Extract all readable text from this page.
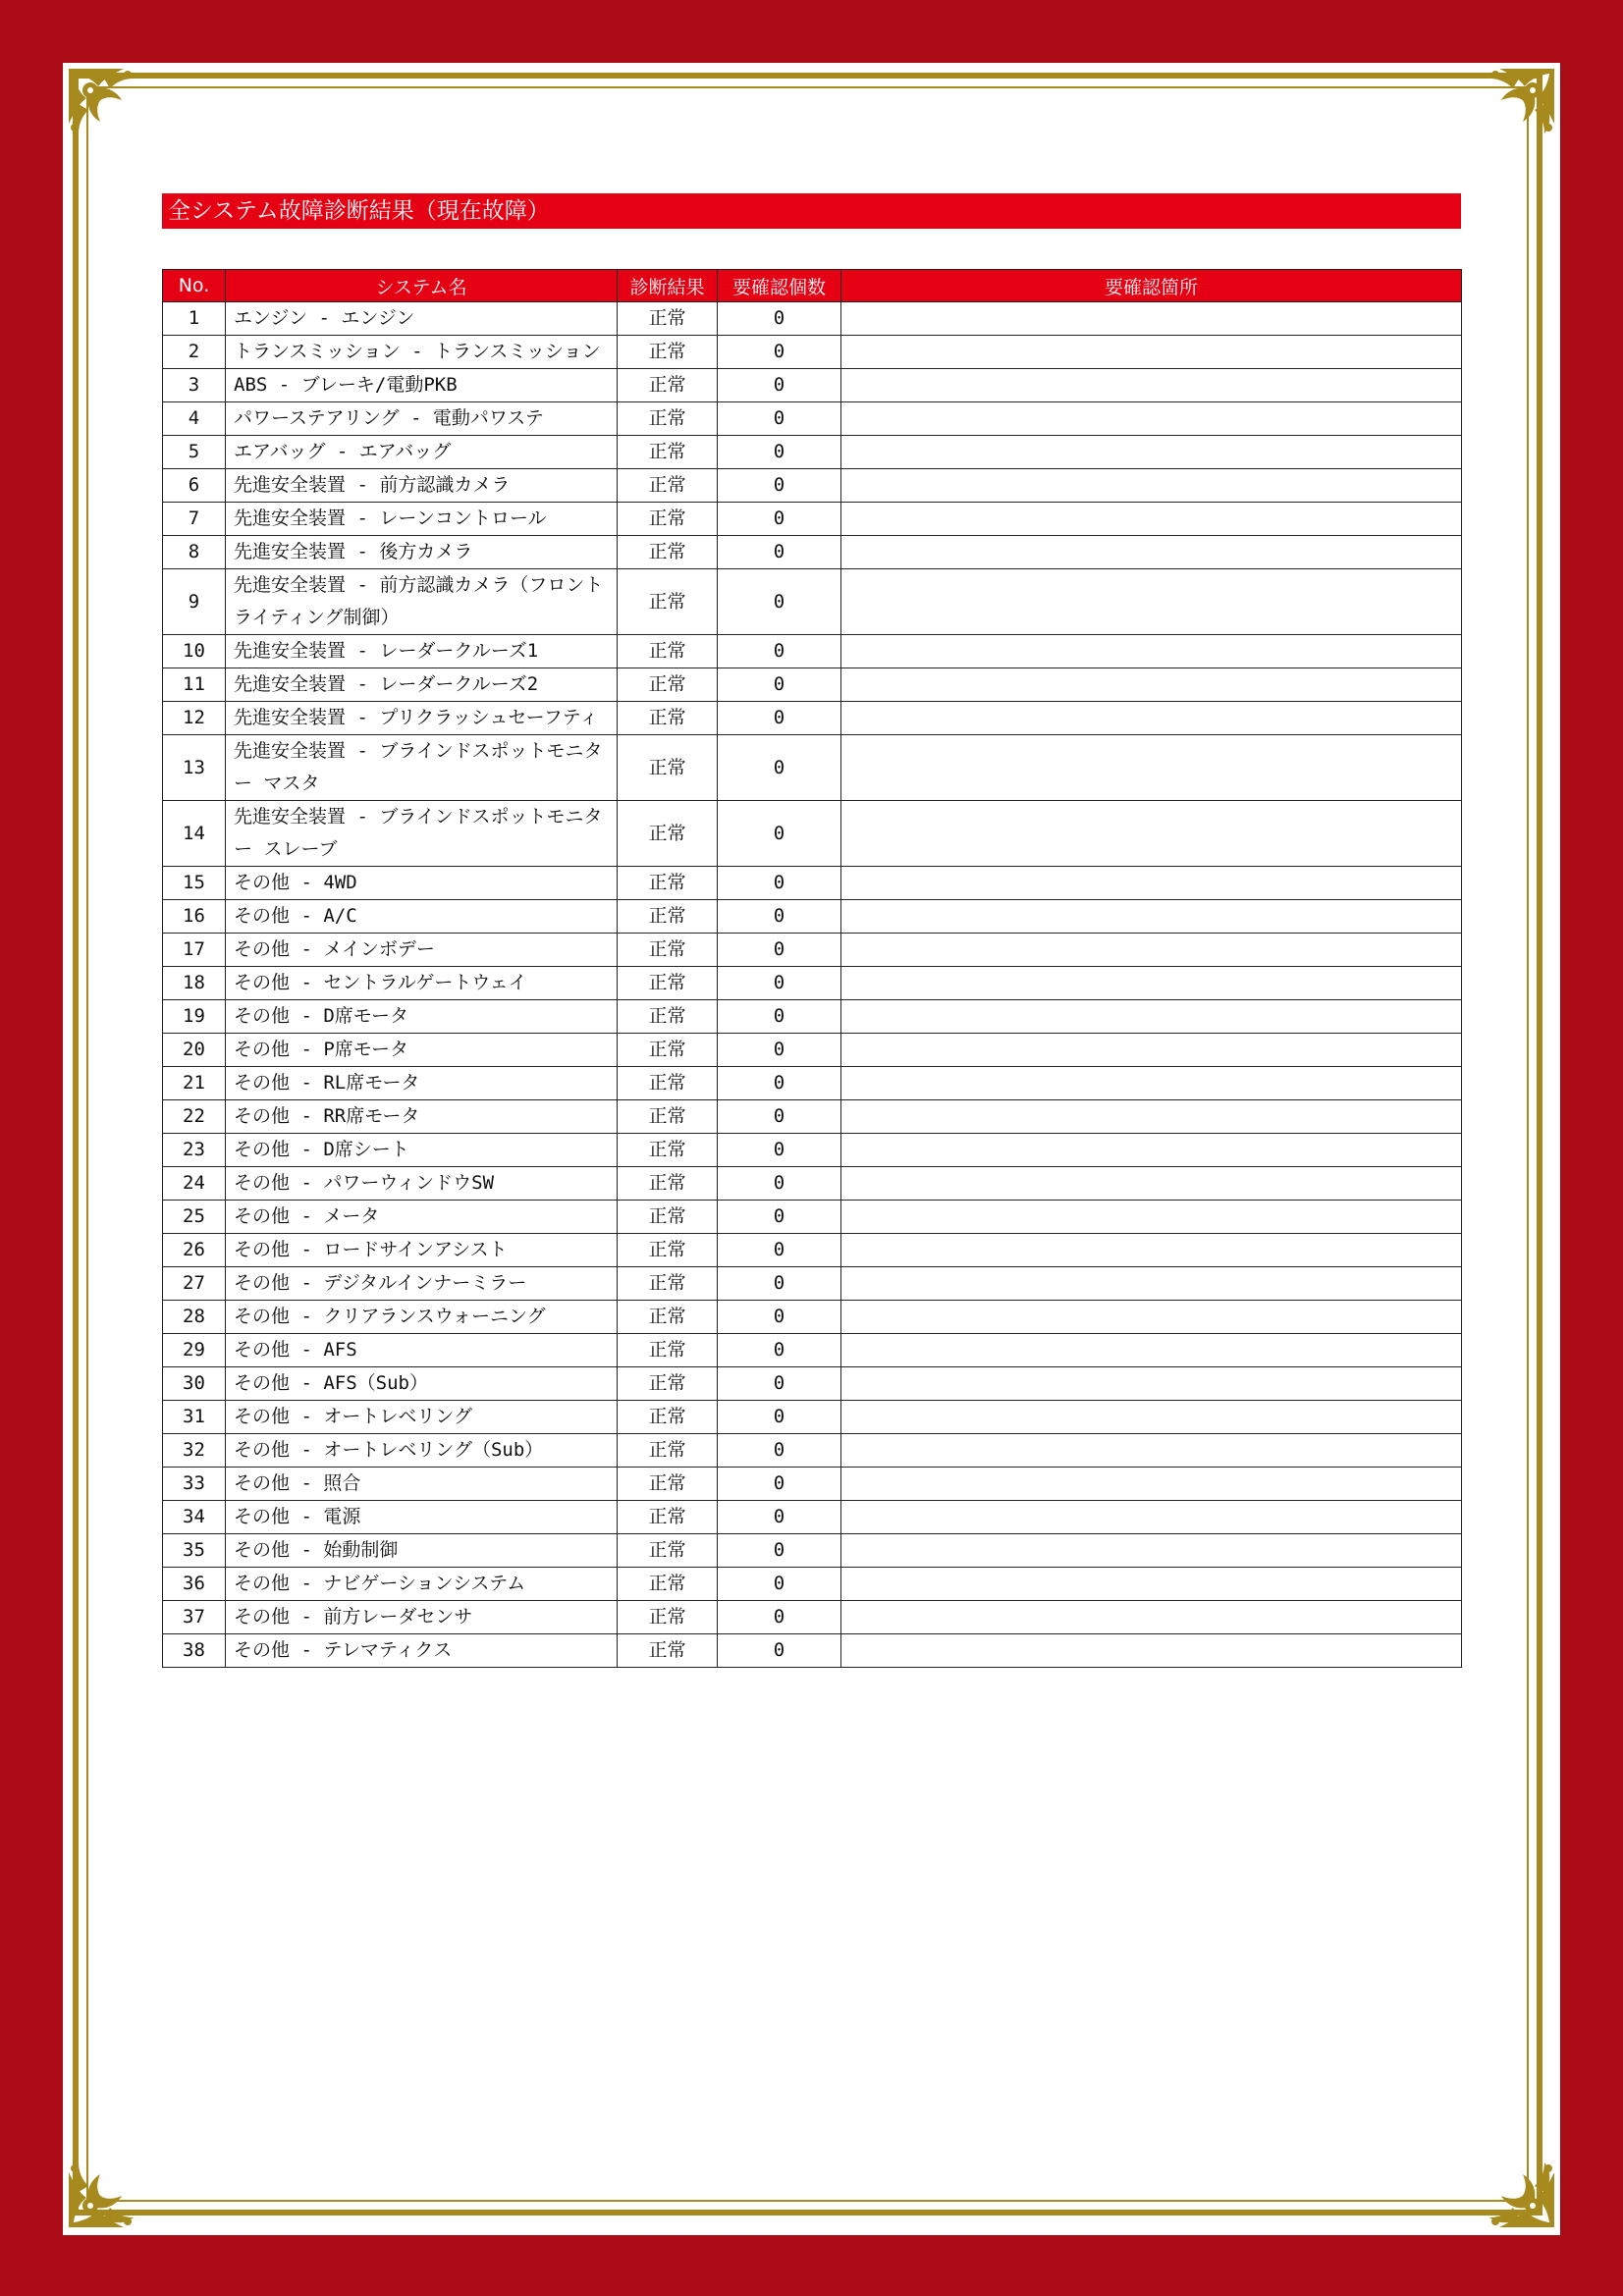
全システム故障診断結果（現在故障）
No.	システム名	診断結果	要確認個数	要確認箇所
1	エンジン - エンジン	正常	0	
2	トランスミッション - トランスミッション	正常	0	
3	ABS - ブレーキ/電動PKB	正常	0	
4	パワーステアリング - 電動パワステ	正常	0	
5	エアバッグ - エアバッグ	正常	0	
6	先進安全装置 - 前方認識カメラ	正常	0	
7	先進安全装置 - レーンコントロール	正常	0	
8	先進安全装置 - 後方カメラ	正常	0	
9	先進安全装置 - 前方認識カメラ（フロントライティング制御）	正常	0	
10	先進安全装置 - レーダークルーズ1	正常	0	
11	先進安全装置 - レーダークルーズ2	正常	0	
12	先進安全装置 - プリクラッシュセーフティ	正常	0	
13	先進安全装置 - ブラインドスポットモニター マスタ	正常	0	
14	先進安全装置 - ブラインドスポットモニター スレーブ	正常	0	
15	その他 - 4WD	正常	0	
16	その他 - A/C	正常	0	
17	その他 - メインボデー	正常	0	
18	その他 - セントラルゲートウェイ	正常	0	
19	その他 - D席モータ	正常	0	
20	その他 - P席モータ	正常	0	
21	その他 - RL席モータ	正常	0	
22	その他 - RR席モータ	正常	0	
23	その他 - D席シート	正常	0	
24	その他 - パワーウィンドウSW	正常	0	
25	その他 - メータ	正常	0	
26	その他 - ロードサインアシスト	正常	0	
27	その他 - デジタルインナーミラー	正常	0	
28	その他 - クリアランスウォーニング	正常	0	
29	その他 - AFS	正常	0	
30	その他 - AFS（Sub）	正常	0	
31	その他 - オートレベリング	正常	0	
32	その他 - オートレベリング（Sub）	正常	0	
33	その他 - 照合	正常	0	
34	その他 - 電源	正常	0	
35	その他 - 始動制御	正常	0	
36	その他 - ナビゲーションシステム	正常	0	
37	その他 - 前方レーダセンサ	正常	0	
38	その他 - テレマティクス	正常	0	
